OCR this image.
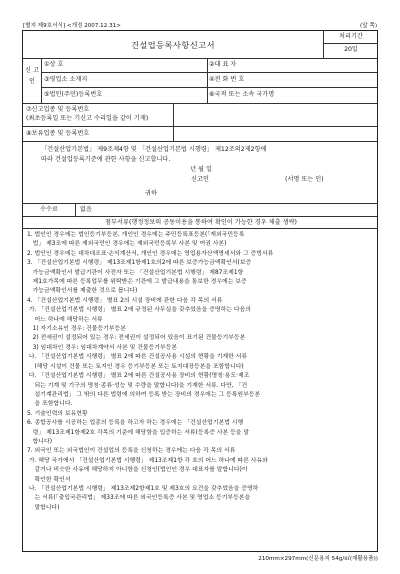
[별지 제9호서식] <개정 2007.12.31>	(앞 쪽)
건설업등록사항신고서
처리기간
20일
신 고 인
①상 호	②대 표 자
③영업소 소재지	④전 화 번 호
⑤법인(주민)등록번호	⑥국적 또는 소속 국가명
⑦신고업종 및 등록번호
(최초등록일 또는 기신고 수리일을 같이 기재)
⑧보유업종 및 등록번호
「건설산업기본법」 제9조제4항 및 「건설산업기본법 시행령」 제12조의2제2항에
따라 건설업등록기준에 관한 사항을 신고합니다.
년 월 일
신고인	(서명 또는 인)
귀하
수수료	없음
첨부서류(행정정보의 공동이용을 통하여 확인이 가능한 경우 제출 생략)
1. 법인인 경우에는 법인등기부등본, 개인인 경우에는 주민등록표등본(「재외국민등록
법」 제3조에 따른 재외국민인 경우에는 재외국민등록부 사본 및 여권 사본)
2. 법인인 경우에는 대차대조표·손익계산서, 개인인 경우에는 영업용자산액명세서와 그 증빙서류
3. 「건설산업기본법 시행령」 제13조제1항제1호의2에 따른 보증가능금액확인서(보증
가능금액확인서 발급기관이 사전자 또는 「건설산업기본법 시행령」 제87조제1항
제1호가목에 따른 등록업무를 위탁받은 기관에 그 발급내용을 통보한 경우에는 보증
가능금액확인서를 제출한 것으로 봅니다)
4. 「건설산업기본법 시행령」 별표 2의 시설 장비에 관한 다음 각 목의 서류
가. 「건설산업기본법 시행령」 별표 2에 규정된 사무실을 갖추었음을 증명하는 다음의
어느 하나에 해당하는 서류
1) 자기소유인 경우: 건물등기부등본
2) 전세권이 설정되어 있는 경우: 전세권이 설정되어 있음이 표기된 건물등기부등본
3) 임대차인 경우: 임대차계약서 사본 및 건물등기부등본
나. 「건설산업기본법 시행령」 별표 2에 따른 건설공사용 시설의 현황을 기재한 서류
(해당 시설이 건물 또는 토지인 경우 등기부등본 또는 토지대장등본을 포함합니다)
다. 「건설산업기본법 시행령」 별표 2에 따른 건설공사용 장비의 현황(명칭·용도·제조
되는 기계 및 기구의 명칭·종류·성능 및 수량을 말합니다)을 기재한 서류. 다만, 「건
설기계관리법」 그 밖의 다른 법령에 의하여 등록 받는 장비의 경우에는 그 등록원부등본
을 포함합니다.
5. 기술인력의 보유현황
6. 종합공사를 시공하는 업종의 등록을 하고자 하는 경우에는 「건설산업기본법 시행
령」 제13조제1항제2호 각목의 기준에 해당함을 입증하는 서류(등록증 사본 등을 말
합니다)
7. 외국인 또는 외국법인이 건설업의 등록을 신청하는 경우에는 다음 각 목의 서류
가. 해당 국가에서 「건설산업기본법 시행령」 제13조제1항 각 호의 어느 하나에 따른 사유와
같거나 비슷한 사유에 해당하지 아니함을 신청인(법인인 경우 대표자를 말합니다)이
확인한 확인서
나. 「건설산업기본법 시행령」 제13조제2항제1호 및 제3호의 요건을 갖추었음을 증명하
는 서류(「출입국관리법」 제33조에 따른 외국인등록증 사본 및 영업소 등기부등본을
말합니다)
210mm×297mm(신문용지 54g/㎡(재활용품))
